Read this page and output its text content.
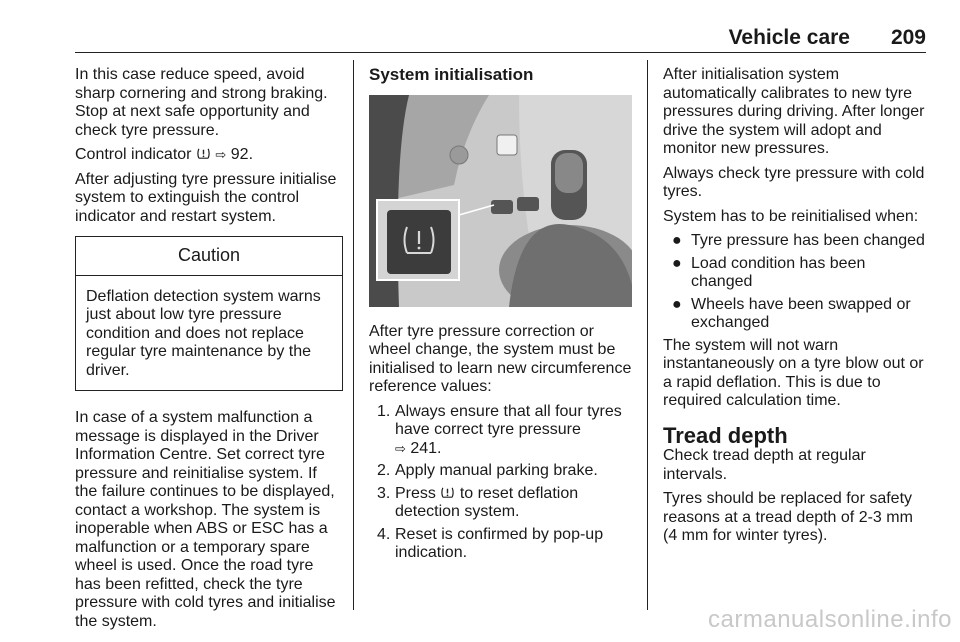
Vehicle care 209

In this case reduce speed, avoid sharp cornering and strong braking. Stop at next safe opportunity and check tyre pressure.

Control indicator ⇨ 92.

After adjusting tyre pressure initialise system to extinguish the control indicator and restart system.

Caution
Deflation detection system warns just about low tyre pressure condition and does not replace regular tyre maintenance by the driver.

In case of a system malfunction a message is displayed in the Driver Information Centre. Set correct tyre pressure and reinitialise system. If the failure continues to be displayed, contact a workshop. The system is inoperable when ABS or ESC has a malfunction or a temporary spare wheel is used. Once the road tyre has been refitted, check the tyre pressure with cold tyres and initialise the system.

System initialisation

After tyre pressure correction or wheel change, the system must be initialised to learn new circumference reference values:

1. Always ensure that all four tyres have correct tyre pressure
⇨ 241.
2. Apply manual parking brake.
3. Press to reset deflation detection system.
4. Reset is confirmed by pop-up indication.

After initialisation system automatically calibrates to new tyre pressures during driving. After longer drive the system will adopt and monitor new pressures.

Always check tyre pressure with cold tyres.

System has to be reinitialised when:

● Tyre pressure has been changed
● Load condition has been changed
● Wheels have been swapped or exchanged

The system will not warn instantaneously on a tyre blow out or a rapid deflation. This is due to required calculation time.

Tread depth

Check tread depth at regular intervals.

Tyres should be replaced for safety reasons at a tread depth of 2-3 mm (4 mm for winter tyres).

carmanualsonline.info
